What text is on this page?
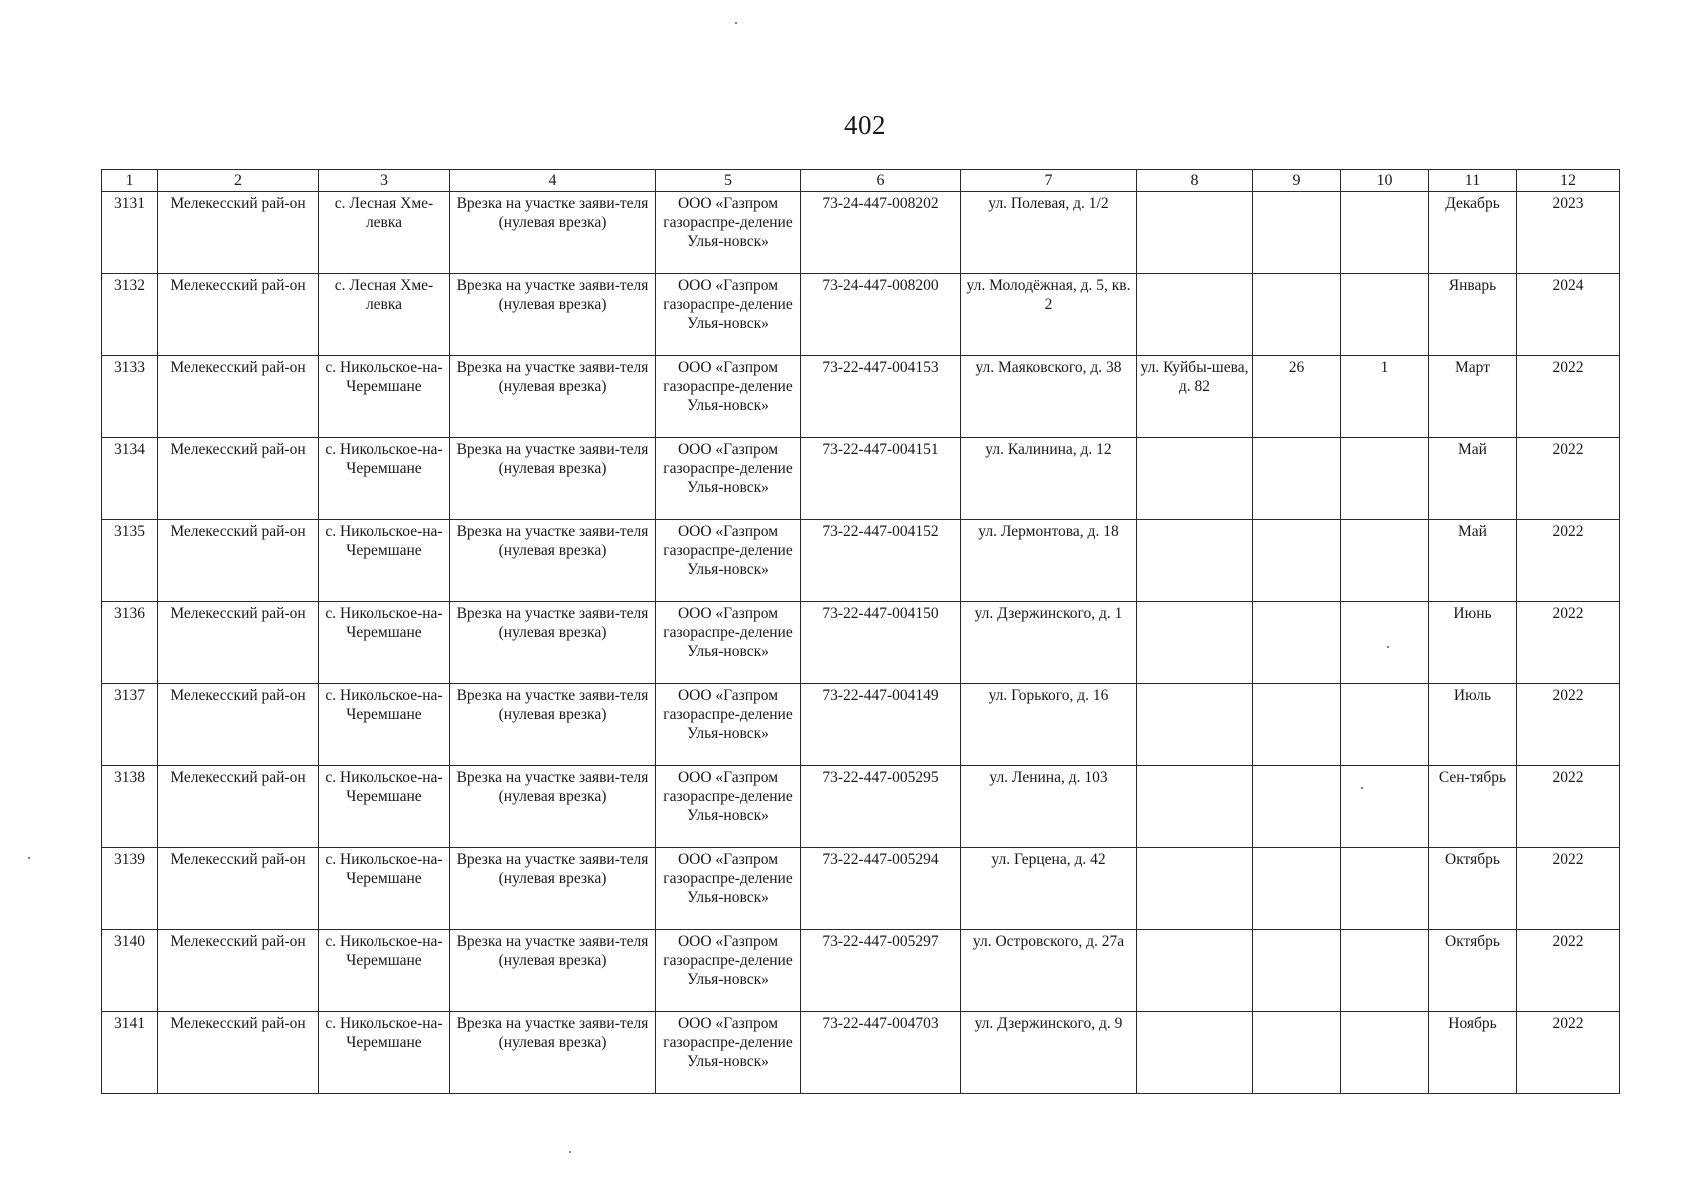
402
1	2	3	4	5	6	7	8	9	10	11	12
3131	Мелекесский рай-он	с. Лесная Хме-левка	Врезка на участке заяви-теля (нулевая врезка)	ООО «Газпром газораспре-деление Улья-новск»	73-24-447-008202	ул. Полевая, д. 1/2				Декабрь	2023
3132	Мелекесский рай-он	с. Лесная Хме-левка	Врезка на участке заяви-теля (нулевая врезка)	ООО «Газпром газораспре-деление Улья-новск»	73-24-447-008200	ул. Молодёжная, д. 5, кв. 2				Январь	2024
3133	Мелекесский рай-он	с. Никольское-на-Черемшане	Врезка на участке заяви-теля (нулевая врезка)	ООО «Газпром газораспре-деление Улья-новск»	73-22-447-004153	ул. Маяковского, д. 38	ул. Куйбы-шева, д. 82	26	1	Март	2022
3134	Мелекесский рай-он	с. Никольское-на-Черемшане	Врезка на участке заяви-теля (нулевая врезка)	ООО «Газпром газораспре-деление Улья-новск»	73-22-447-004151	ул. Калинина, д. 12				Май	2022
3135	Мелекесский рай-он	с. Никольское-на-Черемшане	Врезка на участке заяви-теля (нулевая врезка)	ООО «Газпром газораспре-деление Улья-новск»	73-22-447-004152	ул. Лермонтова, д. 18				Май	2022
3136	Мелекесский рай-он	с. Никольское-на-Черемшане	Врезка на участке заяви-теля (нулевая врезка)	ООО «Газпром газораспре-деление Улья-новск»	73-22-447-004150	ул. Дзержинского, д. 1				Июнь	2022
3137	Мелекесский рай-он	с. Никольское-на-Черемшане	Врезка на участке заяви-теля (нулевая врезка)	ООО «Газпром газораспре-деление Улья-новск»	73-22-447-004149	ул. Горького, д. 16				Июль	2022
3138	Мелекесский рай-он	с. Никольское-на-Черемшане	Врезка на участке заяви-теля (нулевая врезка)	ООО «Газпром газораспре-деление Улья-новск»	73-22-447-005295	ул. Ленина, д. 103				Сен-тябрь	2022
3139	Мелекесский рай-он	с. Никольское-на-Черемшане	Врезка на участке заяви-теля (нулевая врезка)	ООО «Газпром газораспре-деление Улья-новск»	73-22-447-005294	ул. Герцена, д. 42				Октябрь	2022
3140	Мелекесский рай-он	с. Никольское-на-Черемшане	Врезка на участке заяви-теля (нулевая врезка)	ООО «Газпром газораспре-деление Улья-новск»	73-22-447-005297	ул. Островского, д. 27а				Октябрь	2022
3141	Мелекесский рай-он	с. Никольское-на-Черемшане	Врезка на участке заяви-теля (нулевая врезка)	ООО «Газпром газораспре-деление Улья-новск»	73-22-447-004703	ул. Дзержинского, д. 9				Ноябрь	2022
